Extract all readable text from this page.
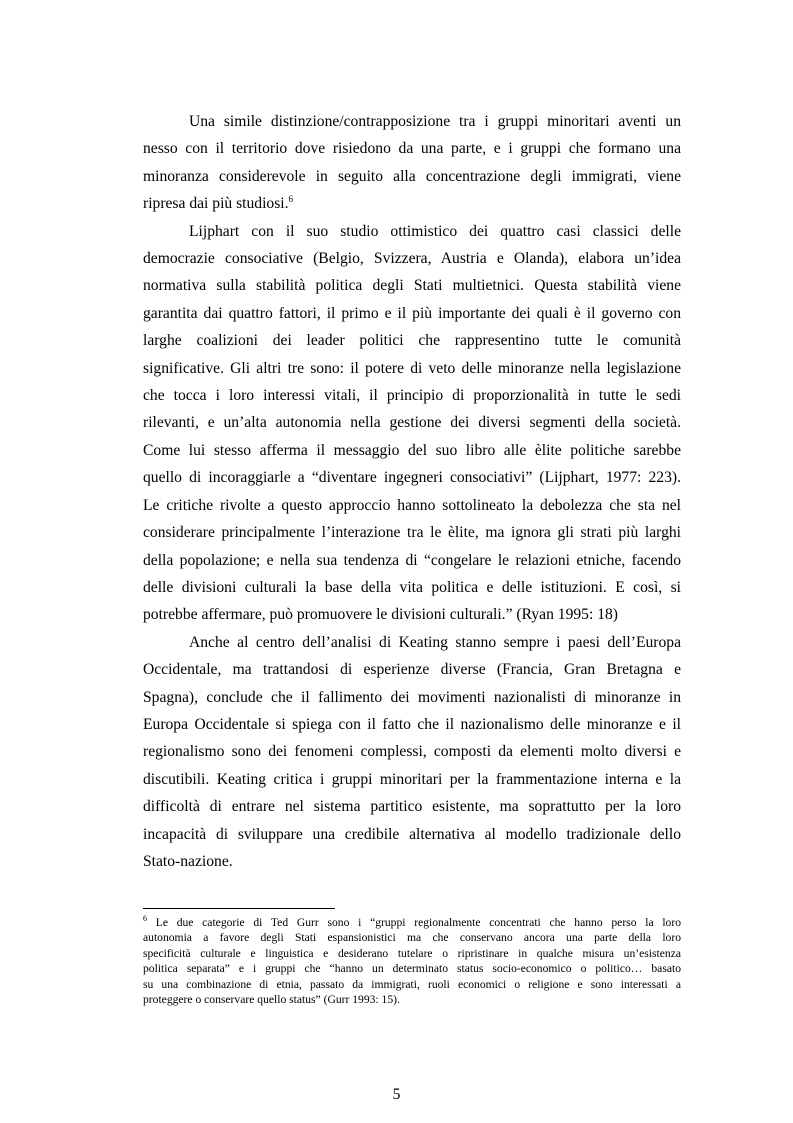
Una simile distinzione/contrapposizione tra i gruppi minoritari aventi un
nesso con il territorio dove risiedono da una parte, e i gruppi che formano una
minoranza considerevole in seguito alla concentrazione degli immigrati, viene
ripresa dai più studiosi.$^6$

Lijphart con il suo studio ottimistico dei quattro casi classici delle
democrazie consociative (Belgio, Svizzera, Austria e Olanda), elabora un’idea
normativa sulla stabilità politica degli Stati multietnici. Questa stabilità viene
garantita dai quattro fattori, il primo e il più importante dei quali è il governo con
larghe coalizioni dei leader politici che rappresentino tutte le comunità
significative. Gli altri tre sono: il potere di veto delle minoranze nella legislazione
che tocca i loro interessi vitali, il principio di proporzionalità in tutte le sedi
rilevanti, e un’alta autonomia nella gestione dei diversi segmenti della società.
Come lui stesso afferma il messaggio del suo libro alle èlite politiche sarebbe
quello di incoraggiarle a “diventare ingegneri consociativi” (Lijphart, 1977: 223).
Le critiche rivolte a questo approccio hanno sottolineato la debolezza che sta nel
considerare principalmente l’interazione tra le èlite, ma ignora gli strati più larghi
della popolazione; e nella sua tendenza di “congelare le relazioni etniche, facendo
delle divisioni culturali la base della vita politica e delle istituzioni. E così, si
potrebbe affermare, può promuovere le divisioni culturali.” (Ryan 1995: 18)

Anche al centro dell’analisi di Keating stanno sempre i paesi dell’Europa
Occidentale, ma trattandosi di esperienze diverse (Francia, Gran Bretagna e
Spagna), conclude che il fallimento dei movimenti nazionalisti di minoranze in
Europa Occidentale si spiega con il fatto che il nazionalismo delle minoranze e il
regionalismo sono dei fenomeni complessi, composti da elementi molto diversi e
discutibili. Keating critica i gruppi minoritari per la frammentazione interna e la
difficoltà di entrare nel sistema partitico esistente, ma soprattutto per la loro
incapacità di sviluppare una credibile alternativa al modello tradizionale dello
Stato-nazione.

$^6$ Le due categorie di Ted Gurr sono i “gruppi regionalmente concentrati che hanno perso la loro
autonomia a favore degli Stati espansionistici ma che conservano ancora una parte della loro
specificità culturale e linguistica e desiderano tutelare o ripristinare in qualche misura un’esistenza
politica separata” e i gruppi che “hanno un determinato status socio-economico o politico… basato
su una combinazione di etnia, passato da immigrati, ruoli economici o religione e sono interessati a
proteggere o conservare quello status” (Gurr 1993: 15).
5
